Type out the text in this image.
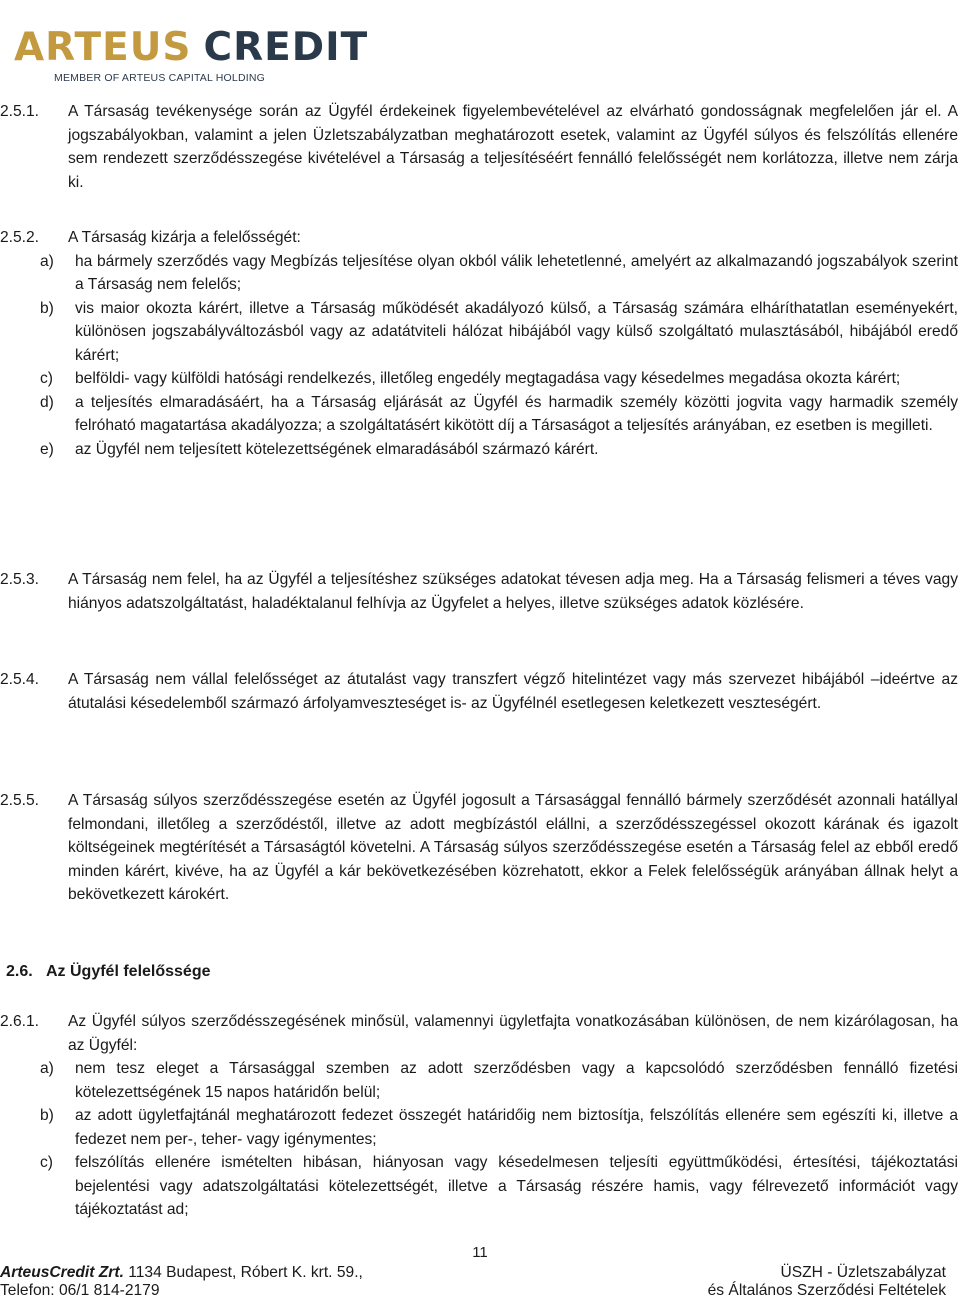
ARTEUS CREDIT
MEMBER OF ARTEUS CAPITAL HOLDING
2.5.1.	A Társaság tevékenysége során az Ügyfél érdekeinek figyelembevételével az elvárható gondosságnak megfelelően jár el. A jogszabályokban, valamint a jelen Üzletszabályzatban meghatározott esetek, valamint az Ügyfél súlyos és felszólítás ellenére sem rendezett szerződésszegése kivételével a Társaság a teljesítéséért fennálló felelősségét nem korlátozza, illetve nem zárja ki.
2.5.2.	A Társaság kizárja a felelősségét:
a)	ha bármely szerződés vagy Megbízás teljesítése olyan okból válik lehetetlenné, amelyért az alkalmazandó jogszabályok szerint a Társaság nem felelős;
b)	vis maior okozta kárért, illetve a Társaság működését akadályozó külső, a Társaság számára elháríthatatlan eseményekért, különösen jogszabályváltozásból vagy az adatátviteli hálózat hibájából vagy külső szolgáltató mulasztásából, hibájából eredő kárért;
c)	belföldi- vagy külföldi hatósági rendelkezés, illetőleg engedély megtagadása vagy késedelmes megadása okozta kárért;
d)	a teljesítés elmaradásáért, ha a Társaság eljárását az Ügyfél és harmadik személy közötti jogvita vagy harmadik személy felróható magatartása akadályozza; a szolgáltatásért kikötött díj a Társaságot a teljesítés arányában, ez esetben is megilleti.
e)	az Ügyfél nem teljesített kötelezettségének elmaradásából származó kárért.
2.5.3.	A Társaság nem felel, ha az Ügyfél a teljesítéshez szükséges adatokat tévesen adja meg. Ha a Társaság felismeri a téves vagy hiányos adatszolgáltatást, haladéktalanul felhívja az Ügyfelet a helyes, illetve szükséges adatok közlésére.
2.5.4.	A Társaság nem vállal felelősséget az átutalást vagy transzfert végző hitelintézet vagy más szervezet hibájából –ideértve az átutalási késedelemből származó árfolyamveszteséget is- az Ügyfélnél esetlegesen keletkezett veszteségért.
2.5.5.	A Társaság súlyos szerződésszegése esetén az Ügyfél jogosult a Társasággal fennálló bármely szerződését azonnali hatállyal felmondani, illetőleg a szerződéstől, illetve az adott megbízástól elállni, a szerződésszegéssel okozott kárának és igazolt költségeinek megtérítését a Társaságtól követelni. A Társaság súlyos szerződésszegése esetén a Társaság felel az ebből eredő minden kárért, kivéve, ha az Ügyfél a kár bekövetkezésében közrehatott, ekkor a Felek felelősségük arányában állnak helyt a bekövetkezett károkért.
2.6. Az Ügyfél felelőssége
2.6.1.	Az Ügyfél súlyos szerződésszegésének minősül, valamennyi ügyletfajta vonatkozásában különösen, de nem kizárólagosan, ha az Ügyfél:
a)	nem tesz eleget a Társasággal szemben az adott szerződésben vagy a kapcsolódó szerződésben fennálló fizetési kötelezettségének 15 napos határidőn belül;
b)	az adott ügyletfajtánál meghatározott fedezet összegét határidőig nem biztosítja, felszólítás ellenére sem egészíti ki, illetve a fedezet nem per-, teher- vagy igénymentes;
c)	felszólítás ellenére ismételten hibásan, hiányosan vagy késedelmesen teljesíti együttműködési, értesítési, tájékoztatási bejelentési vagy adatszolgáltatási kötelezettségét, illetve a Társaság részére hamis, vagy félrevezető információt vagy tájékoztatást ad;
11
ArteusCredit Zrt. 1134 Budapest, Róbert K. krt. 59.,
Telefon: 06/1 814-2179
ÜSZH - Üzletszabályzat
és Általános Szerződési Feltételek
